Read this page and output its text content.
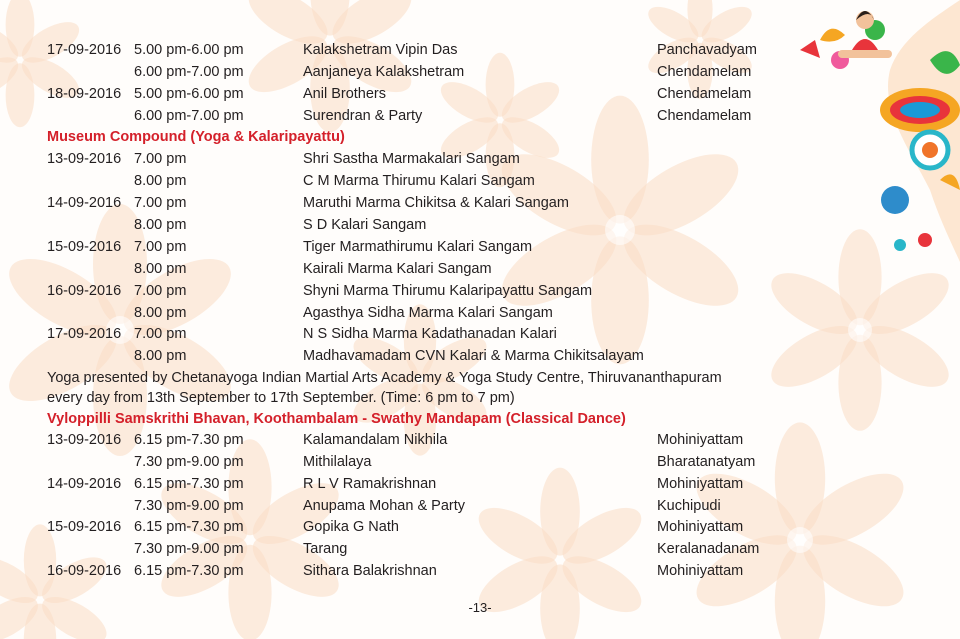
17-09-2016 5.00 pm-6.00 pm	Kalakshetram Vipin Das	Panchavadyam
6.00 pm-7.00 pm	Aanjaneya Kalakshetram	Chendamelam
18-09-2016 5.00 pm-6.00 pm	Anil Brothers	Chendamelam
6.00 pm-7.00 pm	Surendran & Party	Chendamelam
Museum Compound (Yoga & Kalaripayattu)
13-09-2016 7.00 pm	Shri Sastha Marmakalari Sangam
8.00 pm	C M Marma Thirumu Kalari Sangam
14-09-2016 7.00 pm	Maruthi Marma Chikitsa & Kalari Sangam
8.00 pm	S D Kalari Sangam
15-09-2016 7.00 pm	Tiger Marmathirumu Kalari Sangam
8.00 pm	Kairali Marma Kalari Sangam
16-09-2016 7.00 pm	Shyni Marma Thirumu Kalaripayattu Sangam
8.00 pm	Agasthya Sidha Marma Kalari Sangam
17-09-2016 7.00 pm	N S Sidha Marma Kadathanadan Kalari
8.00 pm	Madhavamadam CVN Kalari & Marma Chikitsalayam
Yoga presented by Chetanayoga Indian Martial Arts Academy & Yoga Study Centre, Thiruvananthapuram
every day from 13th September to 17th September. (Time: 6 pm to 7 pm)
Vyloppilli Samskrithi Bhavan, Koothambalam - Swathy Mandapam (Classical Dance)
13-09-2016 6.15 pm-7.30 pm	Kalamandalam Nikhila	Mohiniyattam
7.30 pm-9.00 pm	Mithilalaya	Bharatanatyam
14-09-2016 6.15 pm-7.30 pm	R L V Ramakrishnan	Mohiniyattam
7.30 pm-9.00 pm	Anupama Mohan & Party	Kuchipudi
15-09-2016 6.15 pm-7.30 pm	Gopika G Nath	Mohiniyattam
7.30 pm-9.00 pm	Tarang	Keralanadanam
16-09-2016 6.15 pm-7.30 pm	Sithara Balakrishnan	Mohiniyattam
-13-
